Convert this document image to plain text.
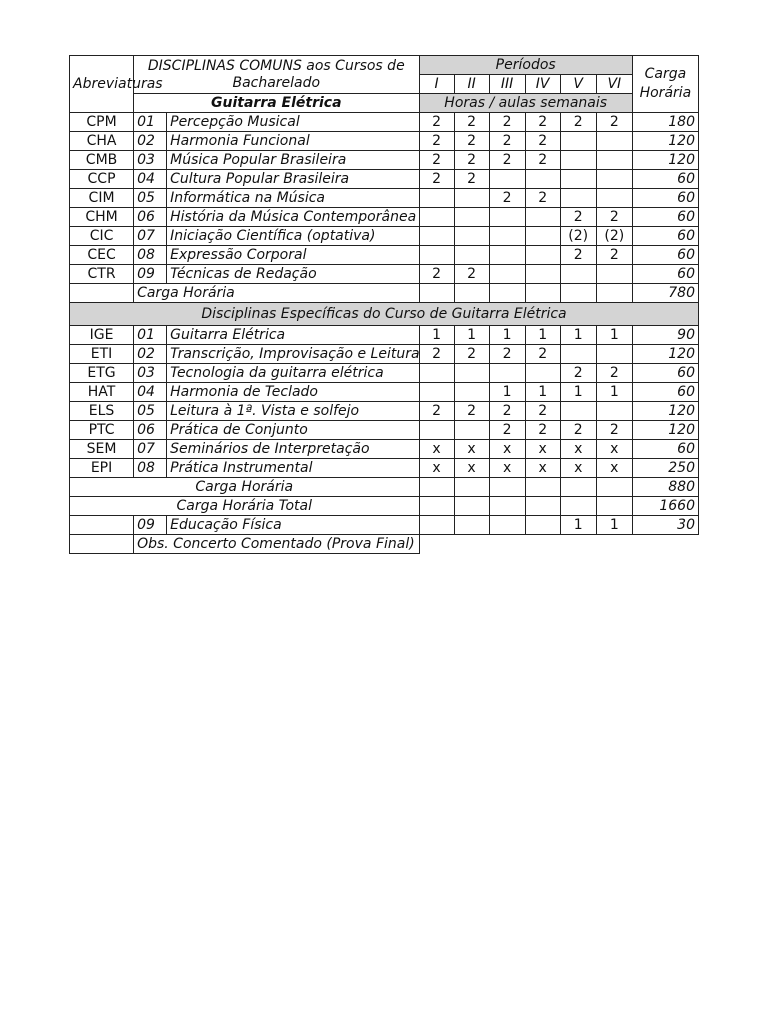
Abreviaturas	DISCIPLINAS COMUNS aos Cursos de
Bacharelado		Períodos						Carga
Horária
			I	II	III	IV	V	VI	
	Guitarra Elétrica		Horas / aulas semanais						
CPM	01	Percepção Musical	2	2	2	2	2	2	180
CHA	02	Harmonia Funcional	2	2	2	2			120
CMB	03	Música Popular Brasileira	2	2	2	2			120
CCP	04	Cultura Popular Brasileira	2	2					60
CIM	05	Informática na Música			2	2			60
CHM	06	História da Música Contemporânea					2	2	60
CIC	07	Iniciação Científica (optativa)					(2)	(2)	60
CEC	08	Expressão Corporal					2	2	60
CTR	09	Técnicas de Redação	2	2					60
	Carga Horária								780
Disciplinas Específicas do Curso de Guitarra Elétrica									
IGE	01	Guitarra Elétrica	1	1	1	1	1	1	90
ETI	02	Transcrição, Improvisação e Leitura	2	2	2	2			120
ETG	03	Tecnologia da guitarra elétrica					2	2	60
HAT	04	Harmonia de Teclado			1	1	1	1	60
ELS	05	Leitura à 1ª. Vista e solfejo	2	2	2	2			120
PTC	06	Prática de Conjunto			2	2	2	2	120
SEM	07	Seminários de Interpretação	x	x	x	x	x	x	60
EPI	08	Prática Instrumental	x	x	x	x	x	x	250
Carga Horária									880
Carga Horária Total									1660
	09	Educação Física					1	1	30
	Obs. Concerto Comentado (Prova Final)								
